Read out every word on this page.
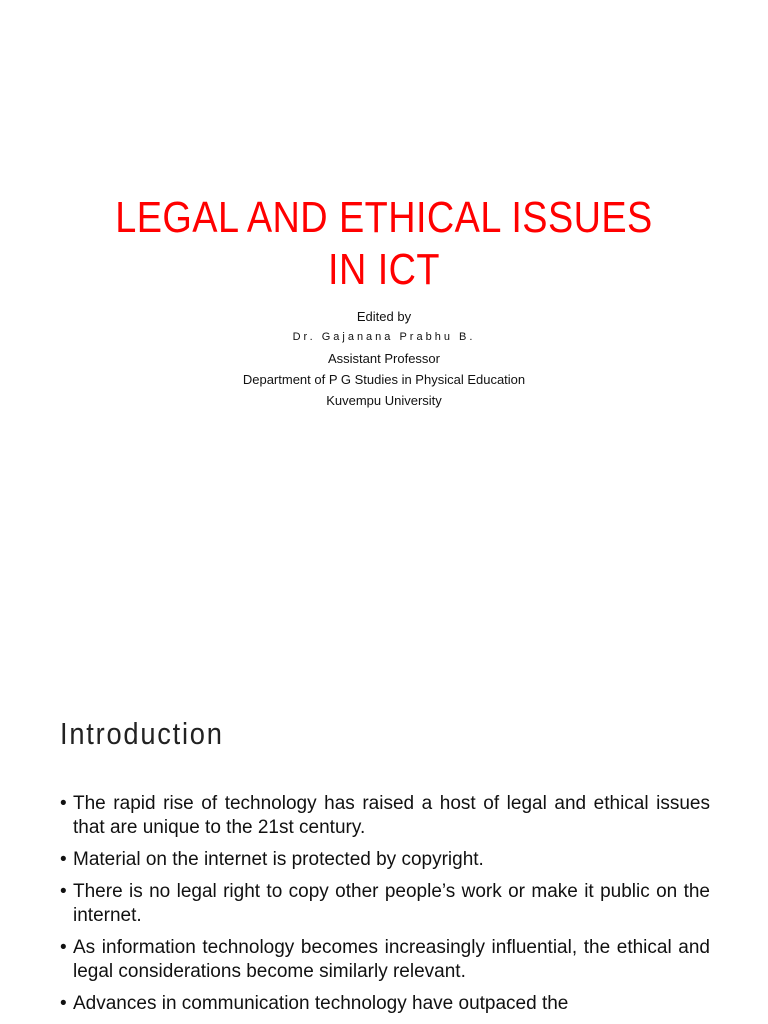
LEGAL AND ETHICAL ISSUES
IN ICT
Edited by
Dr. Gajanana Prabhu B.
Assistant Professor
Department of P G Studies in Physical Education
Kuvempu University
Introduction
• The rapid rise of technology has raised a host of legal and ethical issues that are unique to the 21st century.
• Material on the internet is protected by copyright.
• There is no legal right to copy other people’s work or make it public on the internet.
• As information technology becomes increasingly influential, the ethical and legal considerations become similarly relevant.
• Advances in communication technology have outpaced the
